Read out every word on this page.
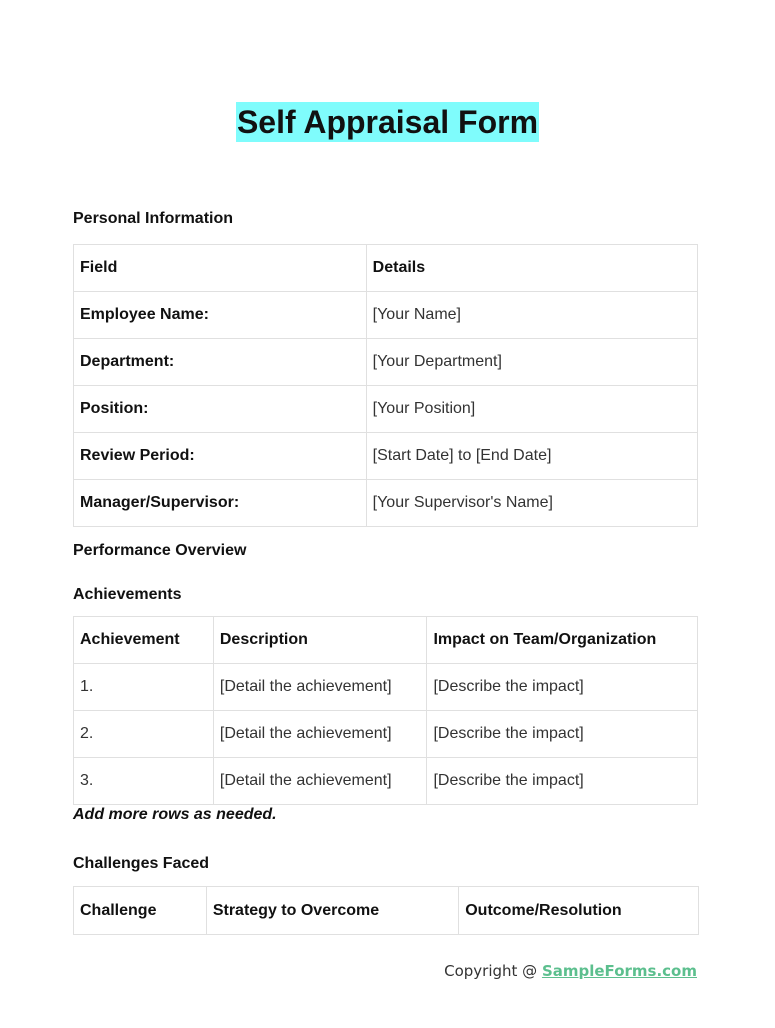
Self Appraisal Form
Personal Information
Field	Details
Employee Name:	[Your Name]
Department:	[Your Department]
Position:	[Your Position]
Review Period:	[Start Date] to [End Date]
Manager/Supervisor:	[Your Supervisor's Name]
Performance Overview
Achievements
Achievement	Description	Impact on Team/Organization
1.	[Detail the achievement]	[Describe the impact]
2.	[Detail the achievement]	[Describe the impact]
3.	[Detail the achievement]	[Describe the impact]
Add more rows as needed.
Challenges Faced
Challenge	Strategy to Overcome	Outcome/Resolution
Copyright @ SampleForms.com
